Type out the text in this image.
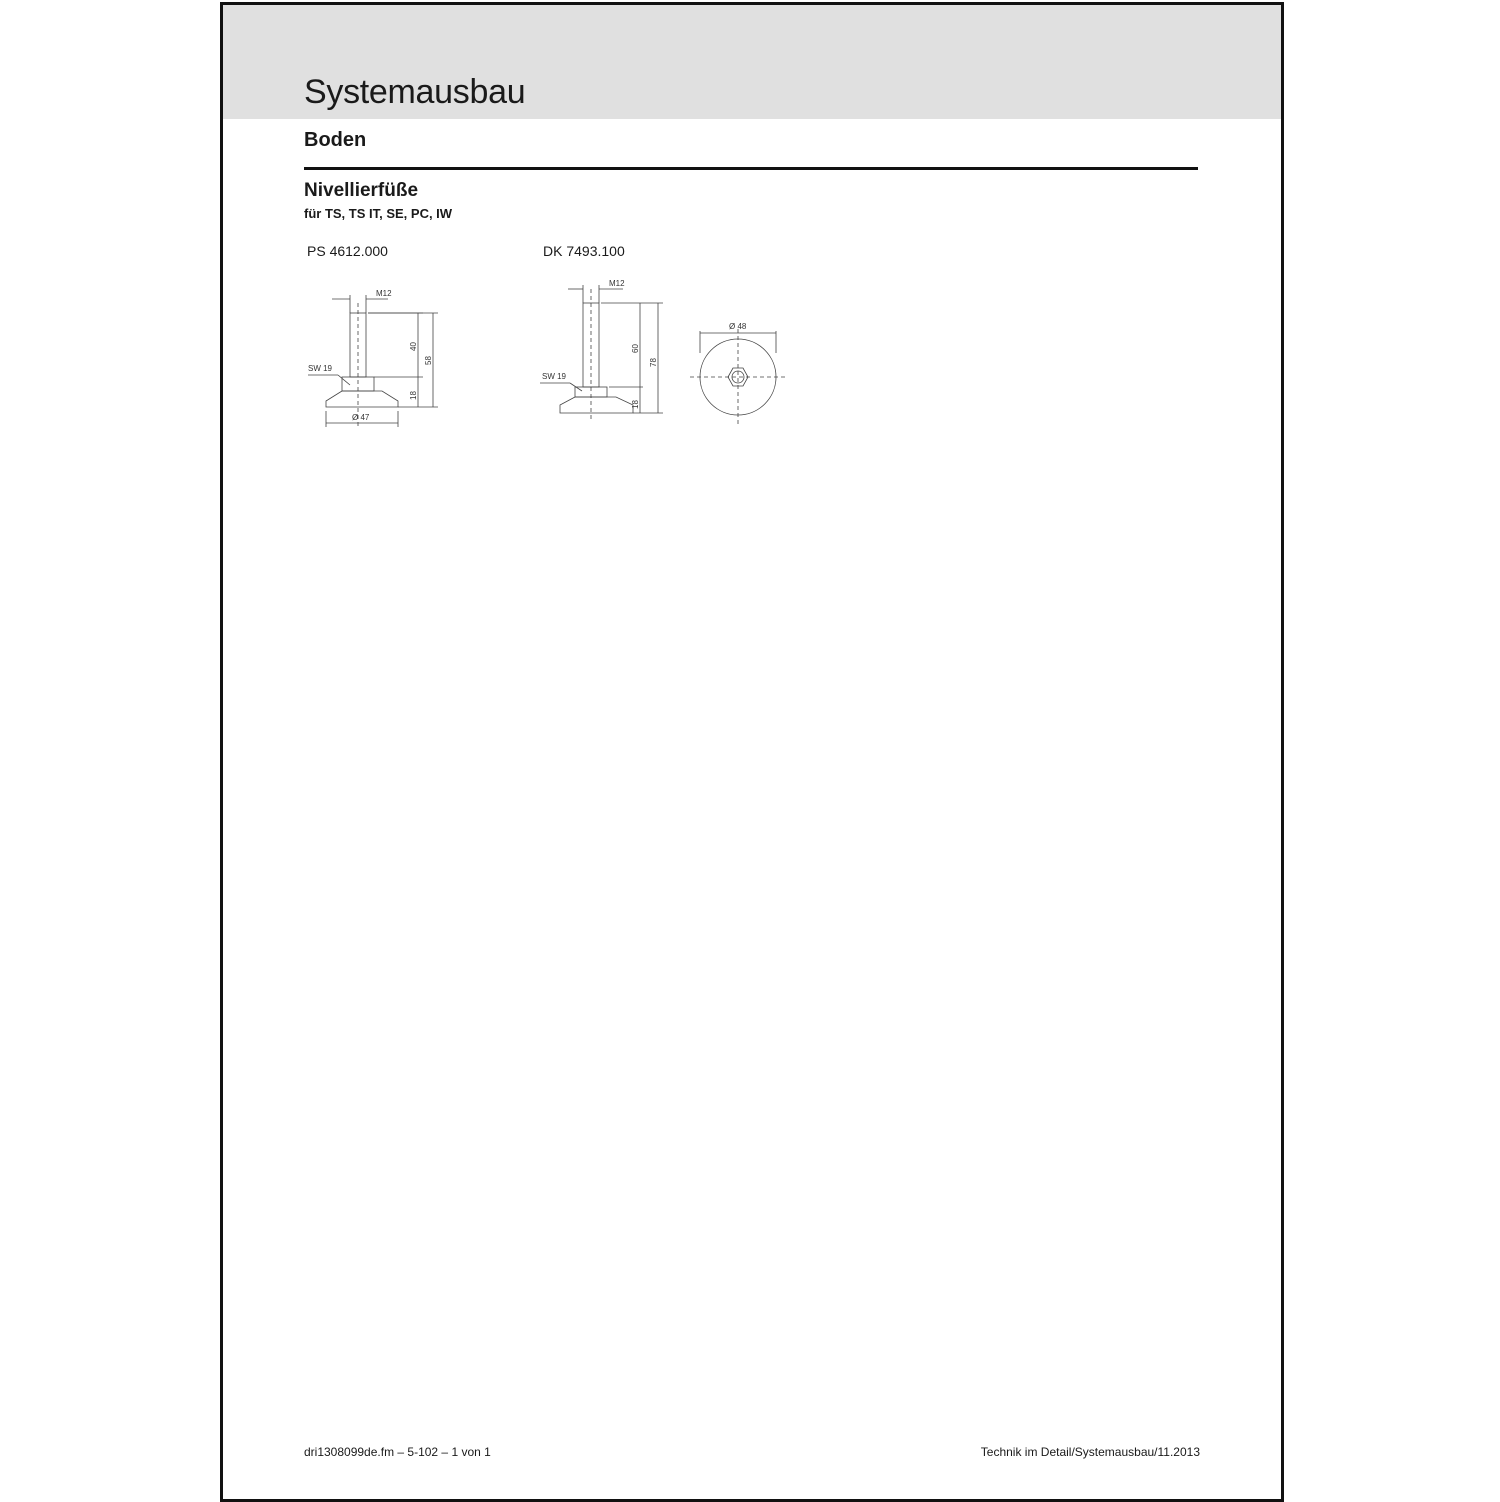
Systemausbau
Boden
Nivellierfüße
für TS, TS IT, SE, PC, IW
PS 4612.000	DK 7493.100
M12
SW 19
40
58
18
Ø 47
M12
SW 19
60
78
18
Ø 48
dri1308099de.fm – 5-102 – 1 von 1	Technik im Detail/Systemausbau/11.2013
